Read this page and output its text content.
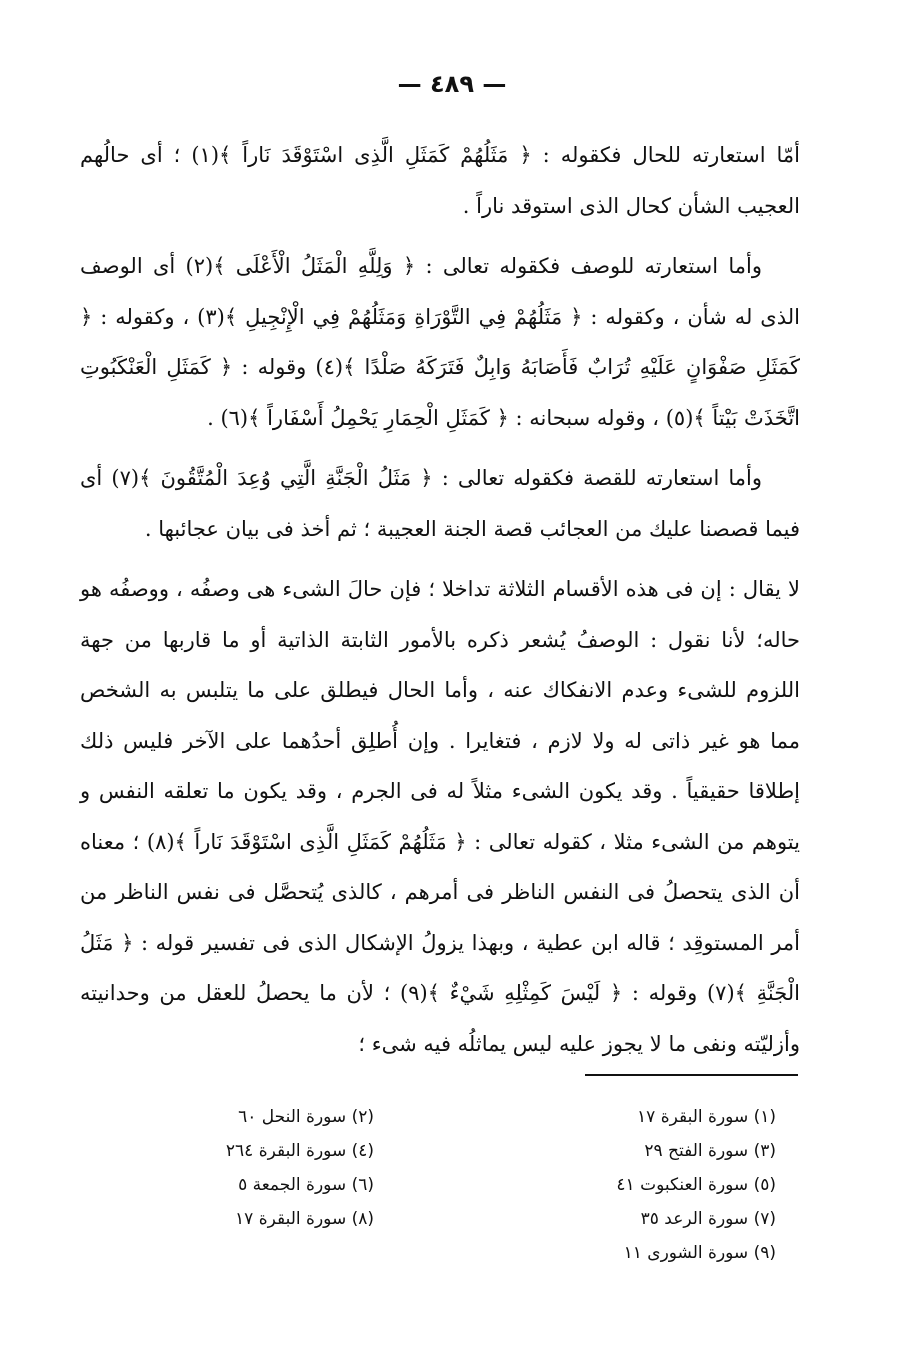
— ٤٨٩ —

أمّا استعارته للحال فكقوله : ﴿ مَثَلُهُمْ كَمَثَلِ الَّذِى اسْتَوْقَدَ نَاراً ﴾(١) ؛ أى حالُهم العجيب الشأن كحال الذى استوقد ناراً .

وأما استعارته للوصف فكقوله تعالى : ﴿ وَلِلَّهِ الْمَثَلُ الْأَعْلَى ﴾(٢) أى الوصف الذى له شأن ، وكقوله : ﴿ مَثَلُهُمْ فِي التَّوْرَاةِ وَمَثَلُهُمْ فِي الْإِنْجِيلِ ﴾(٣) ، وكقوله : ﴿ كَمَثَلِ صَفْوَانٍ عَلَيْهِ تُرَابٌ فَأَصَابَهُ وَابِلٌ فَتَرَكَهُ صَلْدًا ﴾(٤) وقوله : ﴿ كَمَثَلِ الْعَنْكَبُوتِ اتَّخَذَتْ بَيْتاً ﴾(٥) ، وقوله سبحانه : ﴿ كَمَثَلِ الْحِمَارِ يَحْمِلُ أَسْفَاراً ﴾(٦) .

وأما استعارته للقصة فكقوله تعالى : ﴿ مَثَلُ الْجَنَّةِ الَّتِي وُعِدَ الْمُتَّقُونَ ﴾(٧) أى فيما قصصنا عليك من العجائب قصة الجنة العجيبة ؛ ثم أخذ فى بيان عجائبها .

لا يقال : إن فى هذه الأقسام الثلاثة تداخلا ؛ فإن حالَ الشىء هى وصفُه ، ووصفُه هو حاله؛ لأنا نقول : الوصفُ يُشعر ذكره بالأمور الثابتة الذاتية أو ما قاربها من جهة اللزوم للشىء وعدم الانفكاك عنه ، وأما الحال فيطلق على ما يتلبس به الشخص مما هو غير ذاتى له ولا لازم ، فتغايرا . وإن أُطلِق أحدُهما على الآخر فليس ذلك إطلاقا حقيقياً . وقد يكون الشىء مثلاً له فى الجرم ، وقد يكون ما تعلقه النفس و يتوهم من الشىء مثلا ، كقوله تعالى : ﴿ مَثَلُهُمْ كَمَثَلِ الَّذِى اسْتَوْقَدَ نَاراً ﴾(٨) ؛ معناه أن الذى يتحصلُ فى النفس الناظر فى أمرهم ، كالذى يُتحصَّل فى نفس الناظر من أمر المستوقِد ؛ قاله ابن عطية ، وبهذا يزولُ الإشكال الذى فى تفسير قوله : ﴿ مَثَلُ الْجَنَّةِ ﴾(٧) وقوله : ﴿ لَيْسَ كَمِثْلِهِ شَيْءٌ ﴾(٩) ؛ لأن ما يحصلُ للعقل من وحدانيته وأزليّته ونفى ما لا يجوز عليه ليس يماثلُه فيه شىء ؛

(١) سورة البقرة ١٧
(٣) سورة الفتح ٢٩
(٥) سورة العنكبوت ٤١
(٧) سورة الرعد ٣٥
(٩) سورة الشورى ١١
(٢) سورة النحل ٦٠
(٤) سورة البقرة ٢٦٤
(٦) سورة الجمعة ٥
(٨) سورة البقرة ١٧
